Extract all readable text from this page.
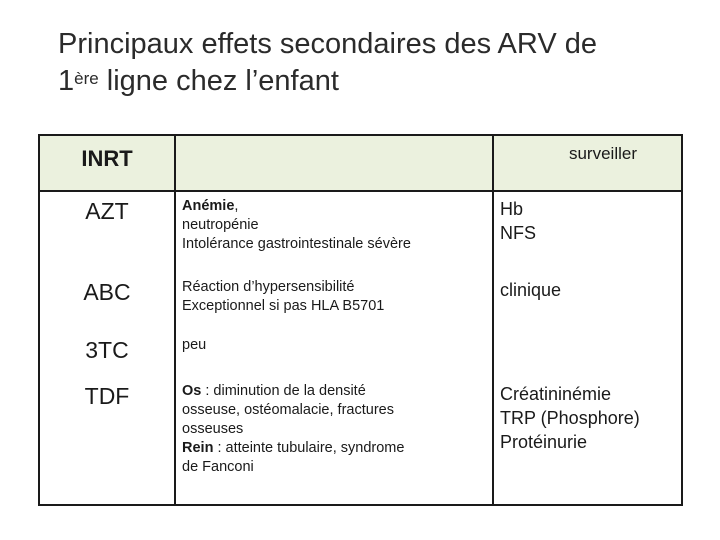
Principaux effets secondaires des ARV de
1ère ligne chez l’enfant
INRT		surveiller
AZT	Anémie,
neutropénie
Intolérance gastrointestinale sévère	Hb
NFS

ABC	Réaction d’hypersensibilité
Exceptionnel si pas HLA B5701	clinique

3TC	peu	

TDF	Os : diminution de la densité
osseuse, ostéomalacie, fractures
osseuses
Rein : atteinte tubulaire, syndrome
de Fanconi	Créatininémie
TRP (Phosphore)
Protéinurie
